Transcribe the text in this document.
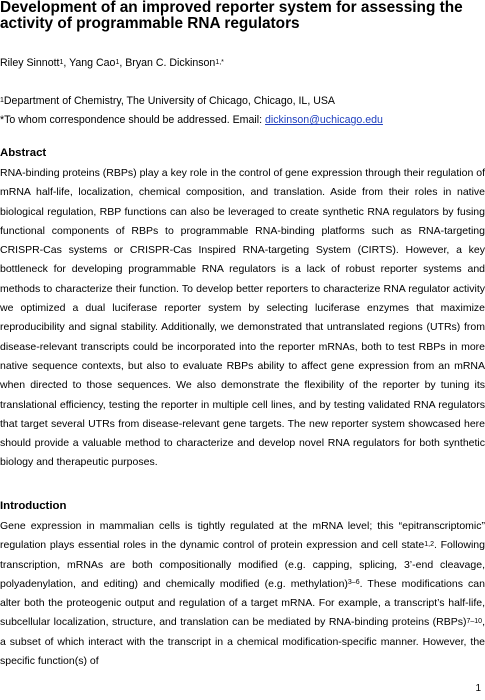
Development of an improved reporter system for assessing the activity of programmable RNA regulators
Riley Sinnott$^1$, Yang Cao$^1$, Bryan C. Dickinson$^{1,*}$
$^1$Department of Chemistry, The University of Chicago, Chicago, IL, USA
*To whom correspondence should be addressed. Email: dickinson@uchicago.edu
Abstract

RNA-binding proteins (RBPs) play a key role in the control of gene expression through their regulation of mRNA half-life, localization, chemical composition, and translation. Aside from their roles in native biological regulation, RBP functions can also be leveraged to create synthetic RNA regulators by fusing functional components of RBPs to programmable RNA-binding platforms such as RNA-targeting CRISPR-Cas systems or CRISPR-Cas Inspired RNA-targeting System (CIRTS). However, a key bottleneck for developing programmable RNA regulators is a lack of robust reporter systems and methods to characterize their function. To develop better reporters to characterize RNA regulator activity we optimized a dual luciferase reporter system by selecting luciferase enzymes that maximize reproducibility and signal stability. Additionally, we demonstrated that untranslated regions (UTRs) from disease-relevant transcripts could be incorporated into the reporter mRNAs, both to test RBPs in more native sequence contexts, but also to evaluate RBPs ability to affect gene expression from an mRNA when directed to those sequences. We also demonstrate the flexibility of the reporter by tuning its translational efficiency, testing the reporter in multiple cell lines, and by testing validated RNA regulators that target several UTRs from disease-relevant gene targets. The new reporter system showcased here should provide a valuable method to characterize and develop novel RNA regulators for both synthetic biology and therapeutic purposes.

Introduction

Gene expression in mammalian cells is tightly regulated at the mRNA level; this “epitranscriptomic” regulation plays essential roles in the dynamic control of protein expression and cell state$^{1,2}$. Following transcription, mRNAs are both compositionally modified (e.g. capping, splicing, 3’-end cleavage, polyadenylation, and editing) and chemically modified (e.g. methylation)$^{3-6}$. These modifications can alter both the proteogenic output and regulation of a target mRNA. For example, a transcript’s half-life, subcellular localization, structure, and translation can be mediated by RNA-binding proteins (RBPs)$^{7-10}$, a subset of which interact with the transcript in a chemical modification-specific manner. However, the specific function(s) of

1
